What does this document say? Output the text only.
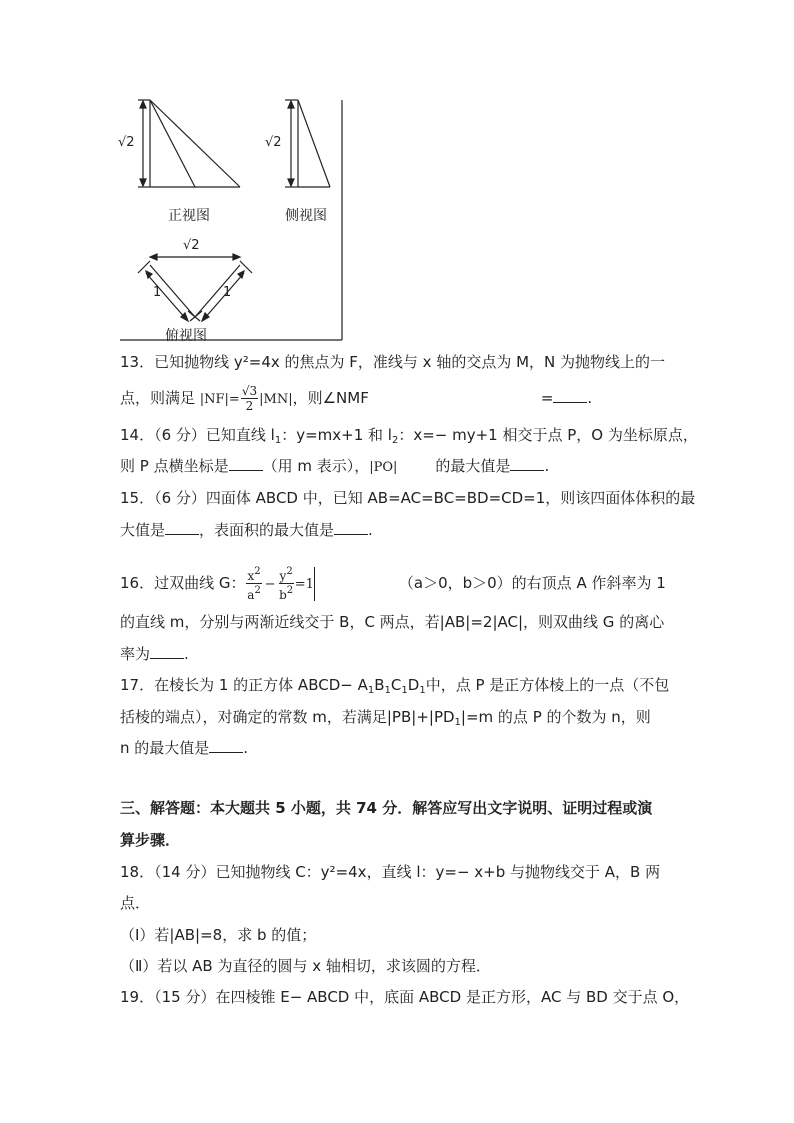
√2	√2
正视图	侧视图
√2
1	1
俯视图
13．已知抛物线 y²=4x 的焦点为 F，准线与 x 轴的交点为 M，N 为抛物线上的一
点，则满足 $|NF|= \frac{√3}{2} |MN|$，则∠NMF	= .
14．（6 分）已知直线 $l_1$：y=mx+1 和 $l_2$：x=− my+1 相交于点 P，O 为坐标原点，
则 P 点横坐标是 （用 m 表示），|PO|	的最大值是 .
15．（6 分）四面体 ABCD 中，已知 AB=AC=BC=BD=CD=1，则该四面体体积的最
大值是 ，表面积的最大值是 .
16．过双曲线 G： $\frac{x^2}{a^2} - \frac{y^2}{b^2} =1$	（a＞0，b＞0）的右顶点 A 作斜率为 1
的直线 m，分别与两渐近线交于 B，C 两点，若|AB|=2|AC|，则双曲线 G 的离心
率为 .
17．在棱长为 1 的正方体 ABCD− $A_1B_1C_1D_1$中，点 P 是正方体棱上的一点（不包
括棱的端点），对确定的常数 m，若满足$|PB|+|PD_1|=m$ 的点 P 的个数为 n，则
n 的最大值是 .
三、解答题：本大题共 5 小题，共 74 分．解答应写出文字说明、证明过程或演
算步骤．
18．（14 分）已知抛物线 C：y²=4x，直线 l：y=− x+b 与抛物线交于 A，B 两
点．
（Ⅰ）若|AB|=8，求 b 的值；
（Ⅱ）若以 AB 为直径的圆与 x 轴相切，求该圆的方程．
19．（15 分）在四棱锥 E− ABCD 中，底面 ABCD 是正方形，AC 与 BD 交于点 O，
